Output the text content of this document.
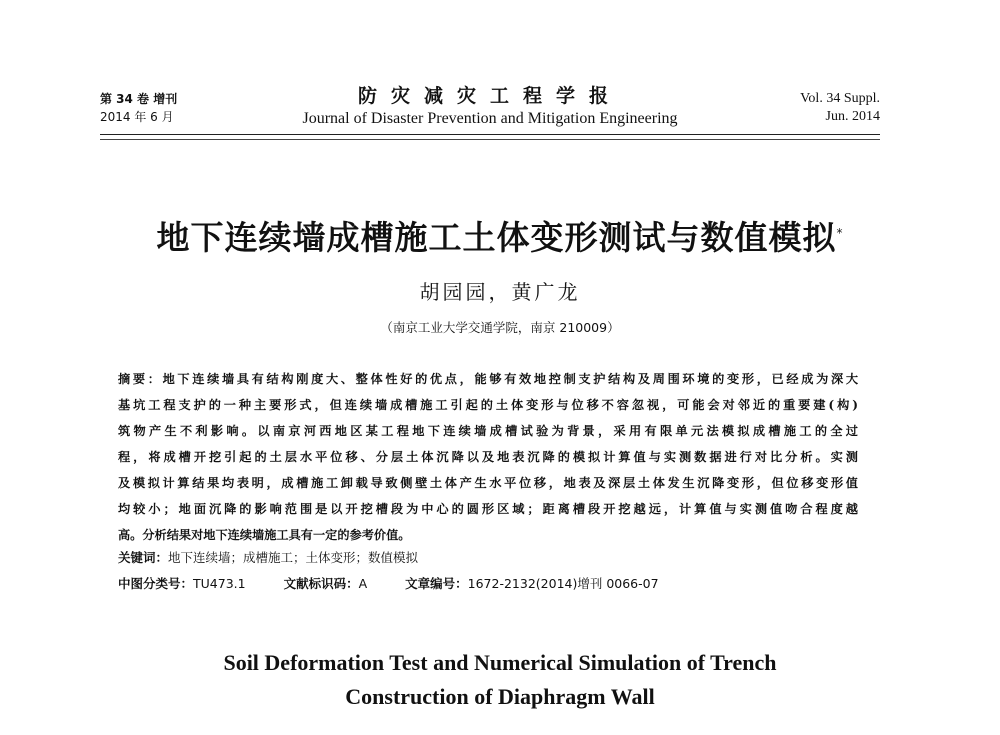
第 34 卷 增刊
2014 年 6 月
防灾减灾工程学报
Journal of Disaster Prevention and Mitigation Engineering
Vol. 34 Suppl.
Jun. 2014
地下连续墙成槽施工土体变形测试与数值模拟*
胡园园，黄广龙
（南京工业大学交通学院，南京 210009）
摘要：地下连续墙具有结构刚度大、整体性好的优点，能够有效地控制支护结构及周围环境的变形，已经成为深大
基坑工程支护的一种主要形式，但连续墙成槽施工引起的土体变形与位移不容忽视，可能会对邻近的重要建(构)
筑物产生不利影响。以南京河西地区某工程地下连续墙成槽试验为背景，采用有限单元法模拟成槽施工的全过
程，将成槽开挖引起的土层水平位移、分层土体沉降以及地表沉降的模拟计算值与实测数据进行对比分析。实测
及模拟计算结果均表明，成槽施工卸载导致侧壁土体产生水平位移，地表及深层土体发生沉降变形，但位移变形值
均较小；地面沉降的影响范围是以开挖槽段为中心的圆形区域；距离槽段开挖越远，计算值与实测值吻合程度越
高。分析结果对地下连续墙施工具有一定的参考价值。
关键词：地下连续墙；成槽施工；土体变形；数值模拟
中图分类号：TU473.1	文献标识码：A	文章编号：1672-2132(2014)增刊 0066-07
Soil Deformation Test and Numerical Simulation of Trench
Construction of Diaphragm Wall
